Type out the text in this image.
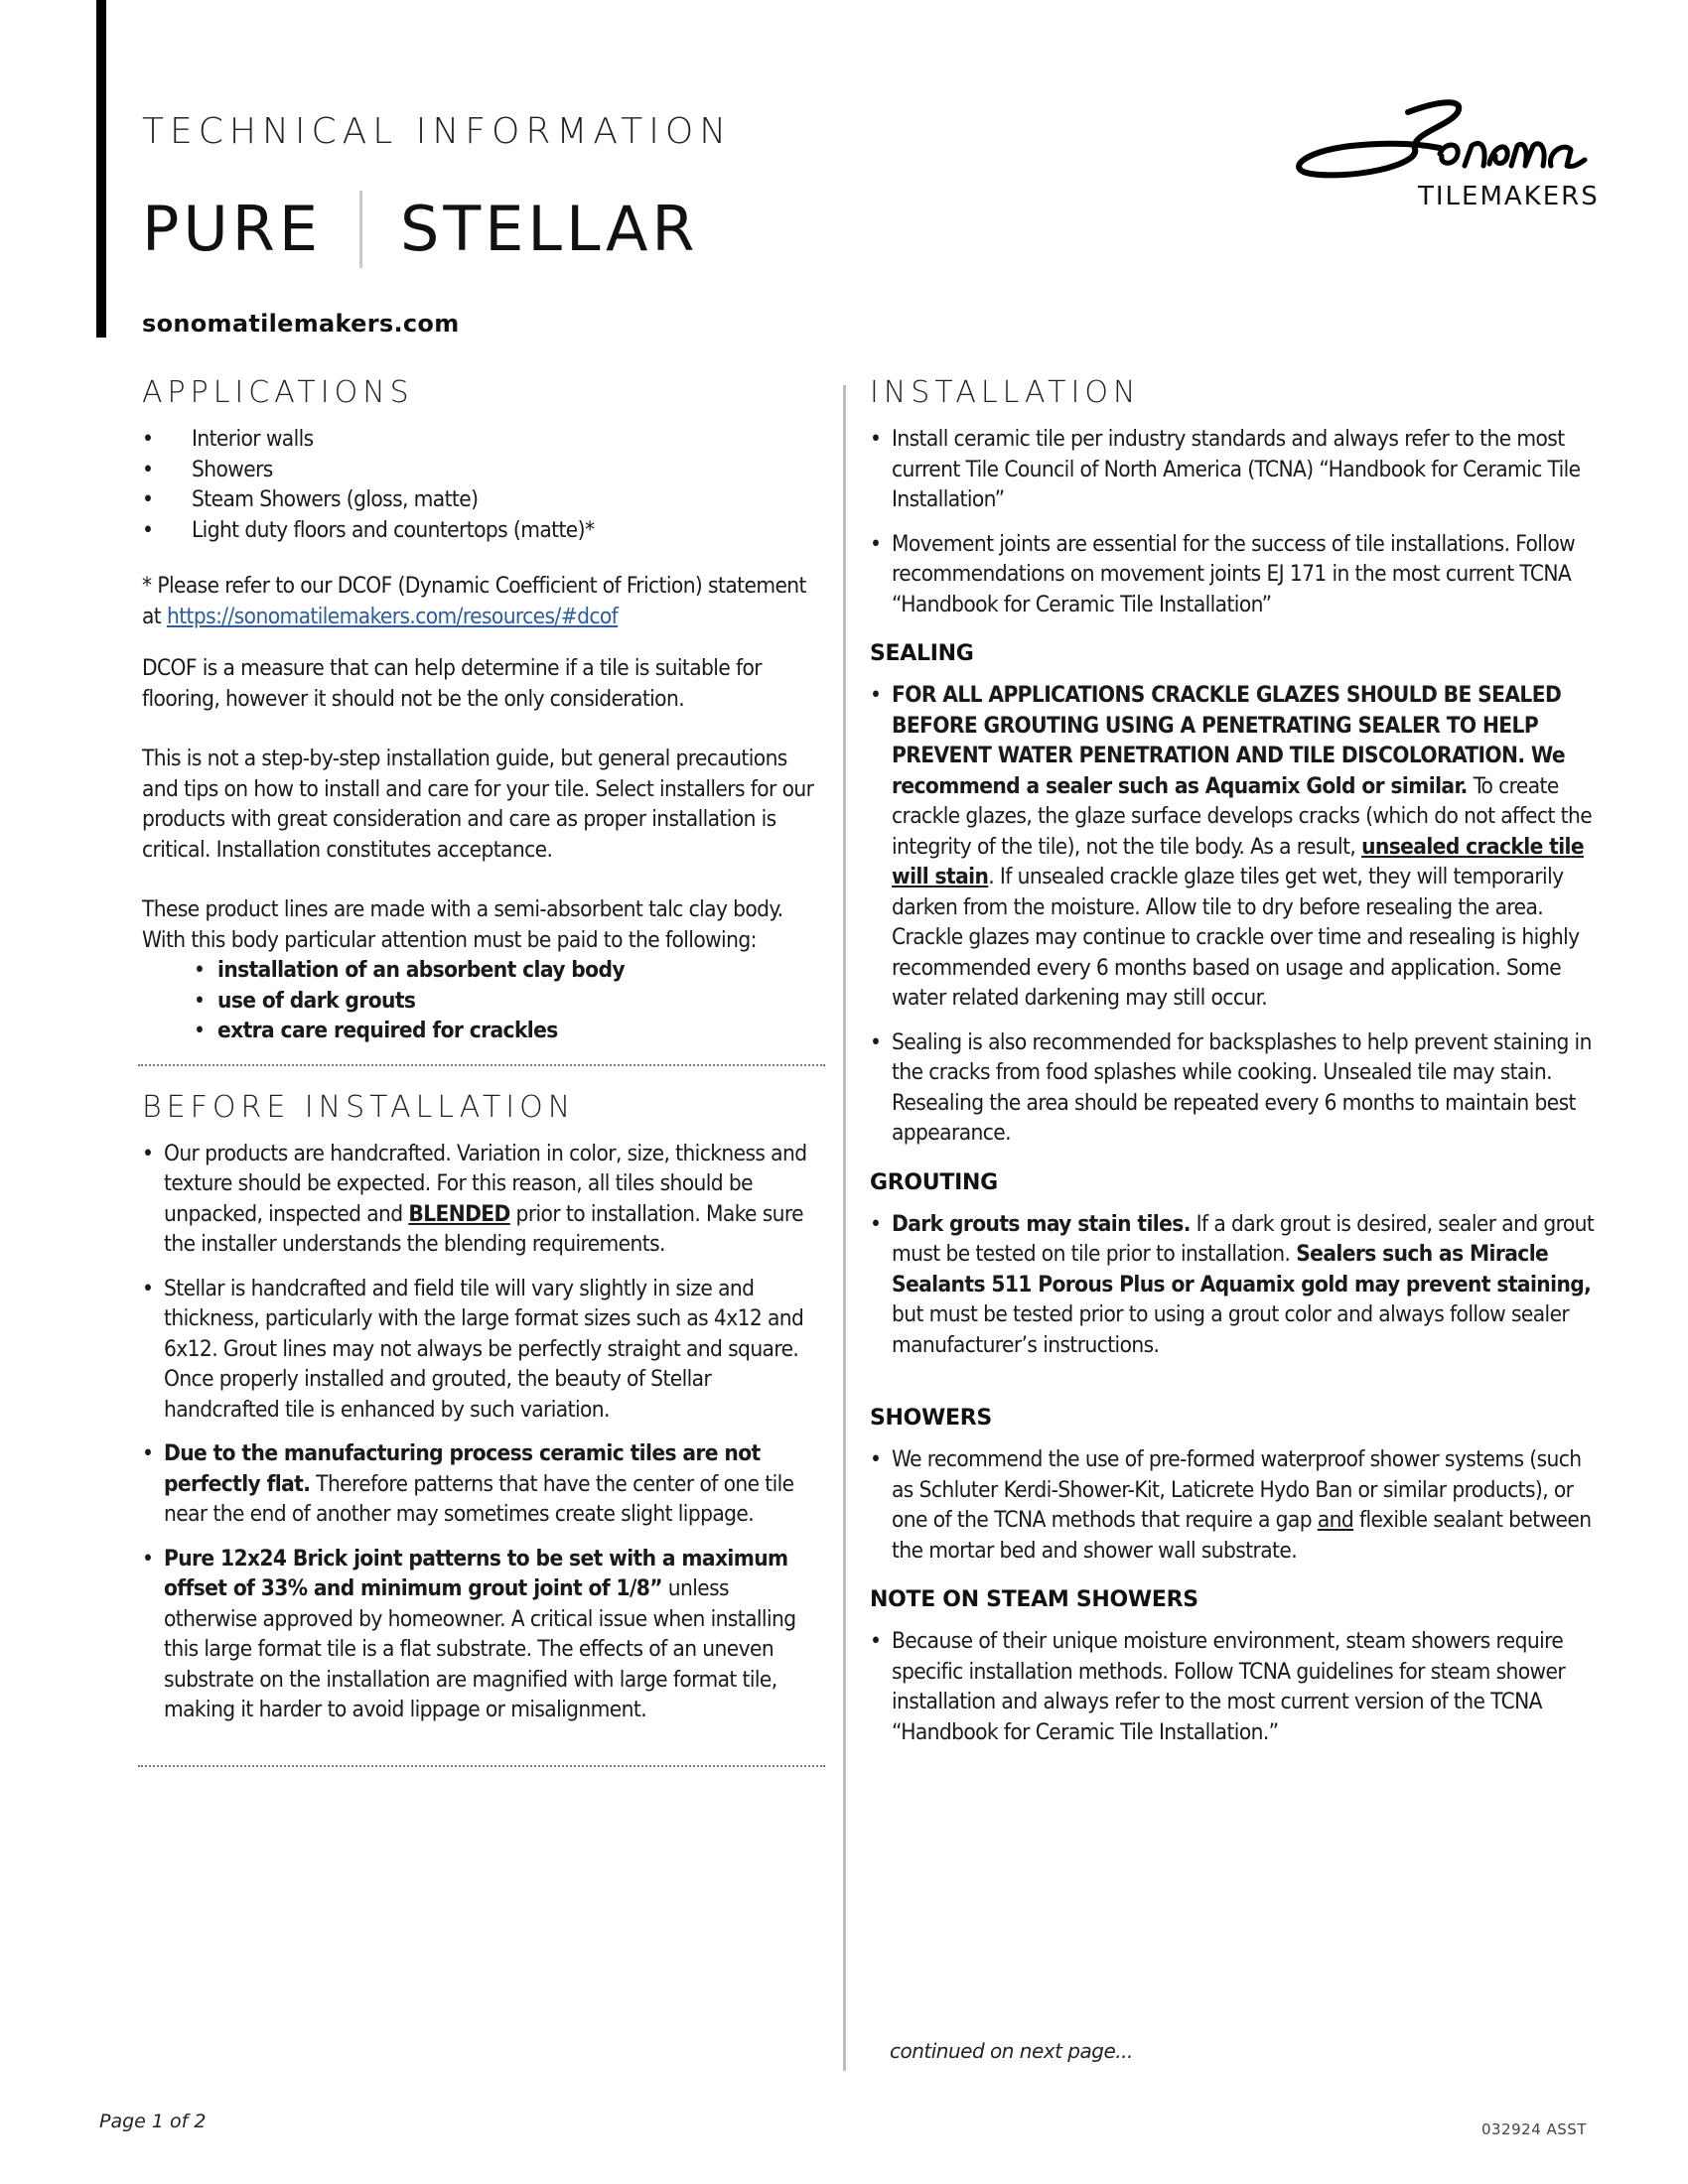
TECHNICAL INFORMATION
PURE STELLAR
sonomatilemakers.com
TILEMAKERS
APPLICATIONS
•	Interior walls
•	Showers
•	Steam Showers (gloss, matte)
•	Light duty floors and countertops (matte)*

* Please refer to our DCOF (Dynamic Coefficient of Friction) statement at https://sonomatilemakers.com/resources/#dcof

DCOF is a measure that can help determine if a tile is suitable for flooring, however it should not be the only consideration.

This is not a step-by-step installation guide, but general precautions and tips on how to install and care for your tile. Select installers for our products with great consideration and care as proper installation is critical. Installation constitutes acceptance.

These product lines are made with a semi-absorbent talc clay body. With this body particular attention must be paid to the following:

• installation of an absorbent clay body
• use of dark grouts
• extra care required for crackles
BEFORE INSTALLATION
• Our products are handcrafted. Variation in color, size, thickness and texture should be expected. For this reason, all tiles should be unpacked, inspected and BLENDED prior to installation. Make sure the installer understands the blending requirements.
• Stellar is handcrafted and field tile will vary slightly in size and thickness, particularly with the large format sizes such as 4x12 and 6x12. Grout lines may not always be perfectly straight and square. Once properly installed and grouted, the beauty of Stellar handcrafted tile is enhanced by such variation.
• Due to the manufacturing process ceramic tiles are not perfectly flat. Therefore patterns that have the center of one tile near the end of another may sometimes create slight lippage.
• Pure 12x24 Brick joint patterns to be set with a maximum offset of 33% and minimum grout joint of 1/8” unless otherwise approved by homeowner. A critical issue when installing this large format tile is a flat substrate. The effects of an uneven substrate on the installation are magnified with large format tile, making it harder to avoid lippage or misalignment.
INSTALLATION
• Install ceramic tile per industry standards and always refer to the most current Tile Council of North America (TCNA) “Handbook for Ceramic Tile Installation”
• Movement joints are essential for the success of tile installations. Follow recommendations on movement joints EJ 171 in the most current TCNA “Handbook for Ceramic Tile Installation”
SEALING
• FOR ALL APPLICATIONS CRACKLE GLAZES SHOULD BE SEALED BEFORE GROUTING USING A PENETRATING SEALER TO HELP PREVENT WATER PENETRATION AND TILE DISCOLORATION. We recommend a sealer such as Aquamix Gold or similar. To create crackle glazes, the glaze surface develops cracks (which do not affect the integrity of the tile), not the tile body. As a result, unsealed crackle tile will stain. If unsealed crackle glaze tiles get wet, they will temporarily darken from the moisture. Allow tile to dry before resealing the area. Crackle glazes may continue to crackle over time and resealing is highly recommended every 6 months based on usage and application. Some water related darkening may still occur.
• Sealing is also recommended for backsplashes to help prevent staining in the cracks from food splashes while cooking. Unsealed tile may stain. Resealing the area should be repeated every 6 months to maintain best appearance.
GROUTING
• Dark grouts may stain tiles. If a dark grout is desired, sealer and grout must be tested on tile prior to installation. Sealers such as Miracle Sealants 511 Porous Plus or Aquamix gold may prevent staining, but must be tested prior to using a grout color and always follow sealer manufacturer’s instructions.
SHOWERS
• We recommend the use of pre-formed waterproof shower systems (such as Schluter Kerdi-Shower-Kit, Laticrete Hydo Ban or similar products), or one of the TCNA methods that require a gap and flexible sealant between the mortar bed and shower wall substrate.
NOTE ON STEAM SHOWERS
• Because of their unique moisture environment, steam showers require specific installation methods. Follow TCNA guidelines for steam shower installation and always refer to the most current version of the TCNA “Handbook for Ceramic Tile Installation.”
continued on next page...
Page 1 of 2	032924 ASST
